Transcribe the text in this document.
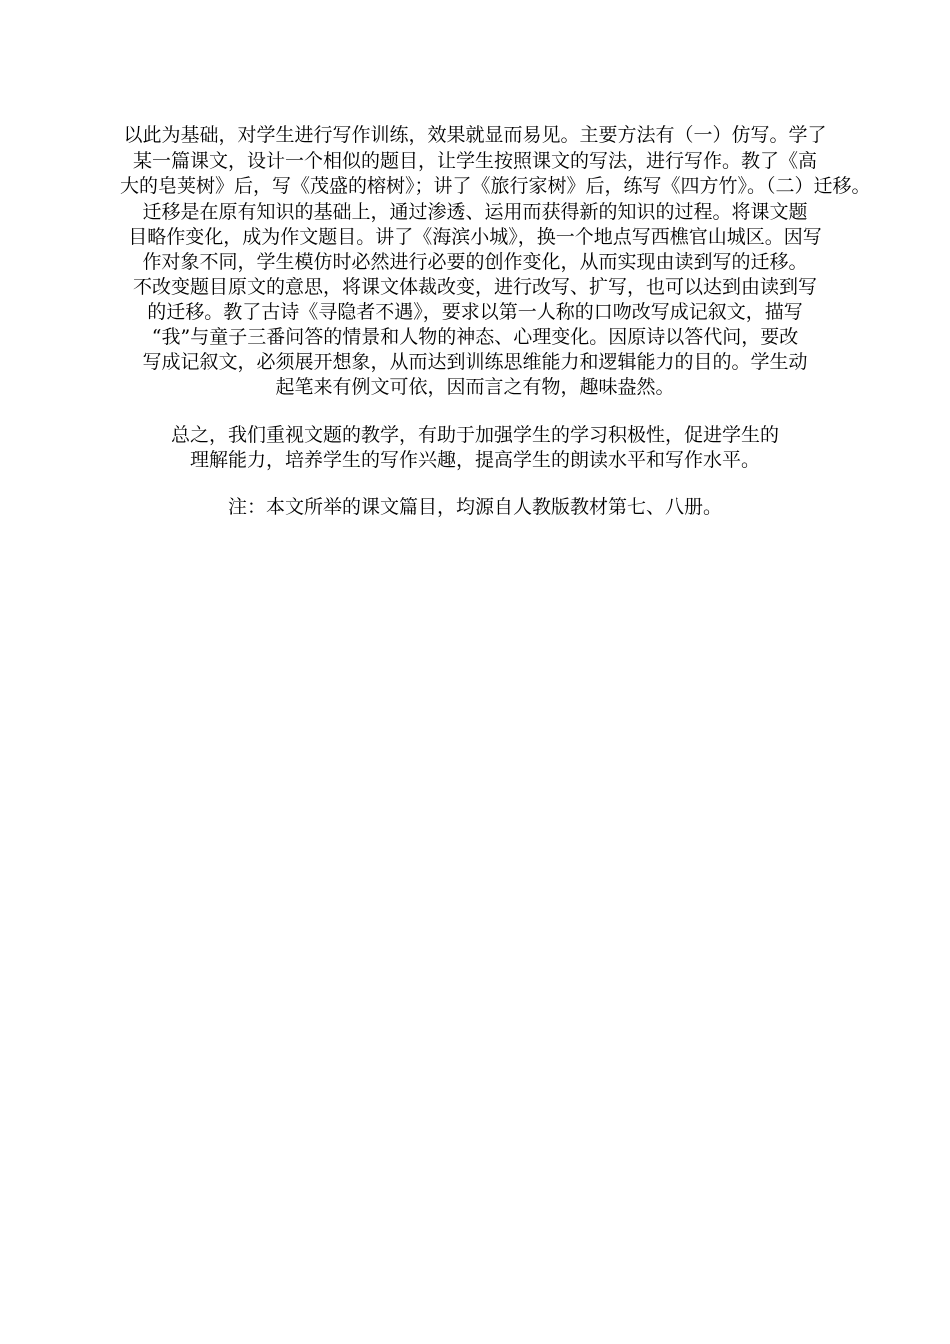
以此为基础，对学生进行写作训练，效果就显而易见。主要方法有（一）仿写。学了
某一篇课文，设计一个相似的题目，让学生按照课文的写法，进行写作。教了《高
大的皂荚树》后，写《茂盛的榕树》；讲了《旅行家树》后，练写《四方竹》。（二）迁移。
迁移是在原有知识的基础上，通过渗透、运用而获得新的知识的过程。将课文题
目略作变化，成为作文题目。讲了《海滨小城》，换一个地点写西樵官山城区。因写
作对象不同，学生模仿时必然进行必要的创作变化，从而实现由读到写的迁移。
不改变题目原文的意思，将课文体裁改变，进行改写、扩写，也可以达到由读到写
的迁移。教了古诗《寻隐者不遇》，要求以第一人称的口吻改写成记叙文，描写
“我”与童子三番问答的情景和人物的神态、心理变化。因原诗以答代问，要改
写成记叙文，必须展开想象，从而达到训练思维能力和逻辑能力的目的。学生动
起笔来有例文可依，因而言之有物，趣味盎然。
总之，我们重视文题的教学，有助于加强学生的学习积极性，促进学生的
理解能力，培养学生的写作兴趣，提高学生的朗读水平和写作水平。
注：本文所举的课文篇目，均源自人教版教材第七、八册。
